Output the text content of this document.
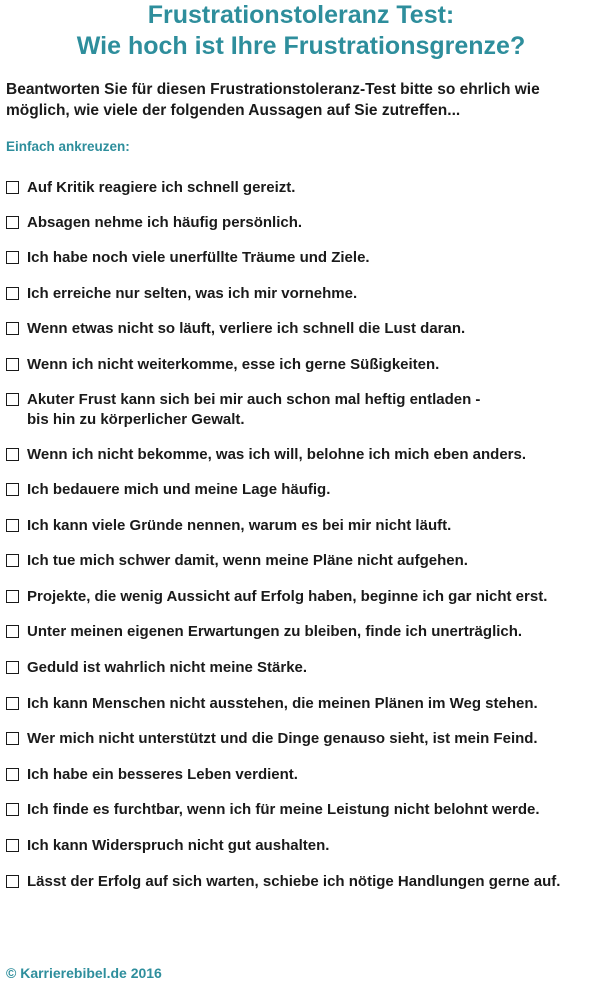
Frustrationstoleranz Test:
Wie hoch ist Ihre Frustrationsgrenze?
Beantworten Sie für diesen Frustrationstoleranz-Test bitte so ehrlich wie möglich, wie viele der folgenden Aussagen auf Sie zutreffen...
Einfach ankreuzen:
Auf Kritik reagiere ich schnell gereizt.
Absagen nehme ich häufig persönlich.
Ich habe noch viele unerfüllte Träume und Ziele.
Ich erreiche nur selten, was ich mir vornehme.
Wenn etwas nicht so läuft, verliere ich schnell die Lust daran.
Wenn ich nicht weiterkomme, esse ich gerne Süßigkeiten.
Akuter Frust kann sich bei mir auch schon mal heftig entladen -
bis hin zu körperlicher Gewalt.
Wenn ich nicht bekomme, was ich will, belohne ich mich eben anders.
Ich bedauere mich und meine Lage häufig.
Ich kann viele Gründe nennen, warum es bei mir nicht läuft.
Ich tue mich schwer damit, wenn meine Pläne nicht aufgehen.
Projekte, die wenig Aussicht auf Erfolg haben, beginne ich gar nicht erst.
Unter meinen eigenen Erwartungen zu bleiben, finde ich unerträglich.
Geduld ist wahrlich nicht meine Stärke.
Ich kann Menschen nicht ausstehen, die meinen Plänen im Weg stehen.
Wer mich nicht unterstützt und die Dinge genauso sieht, ist mein Feind.
Ich habe ein besseres Leben verdient.
Ich finde es furchtbar, wenn ich für meine Leistung nicht belohnt werde.
Ich kann Widerspruch nicht gut aushalten.
Lässt der Erfolg auf sich warten, schiebe ich nötige Handlungen gerne auf.
© Karrierebibel.de 2016
